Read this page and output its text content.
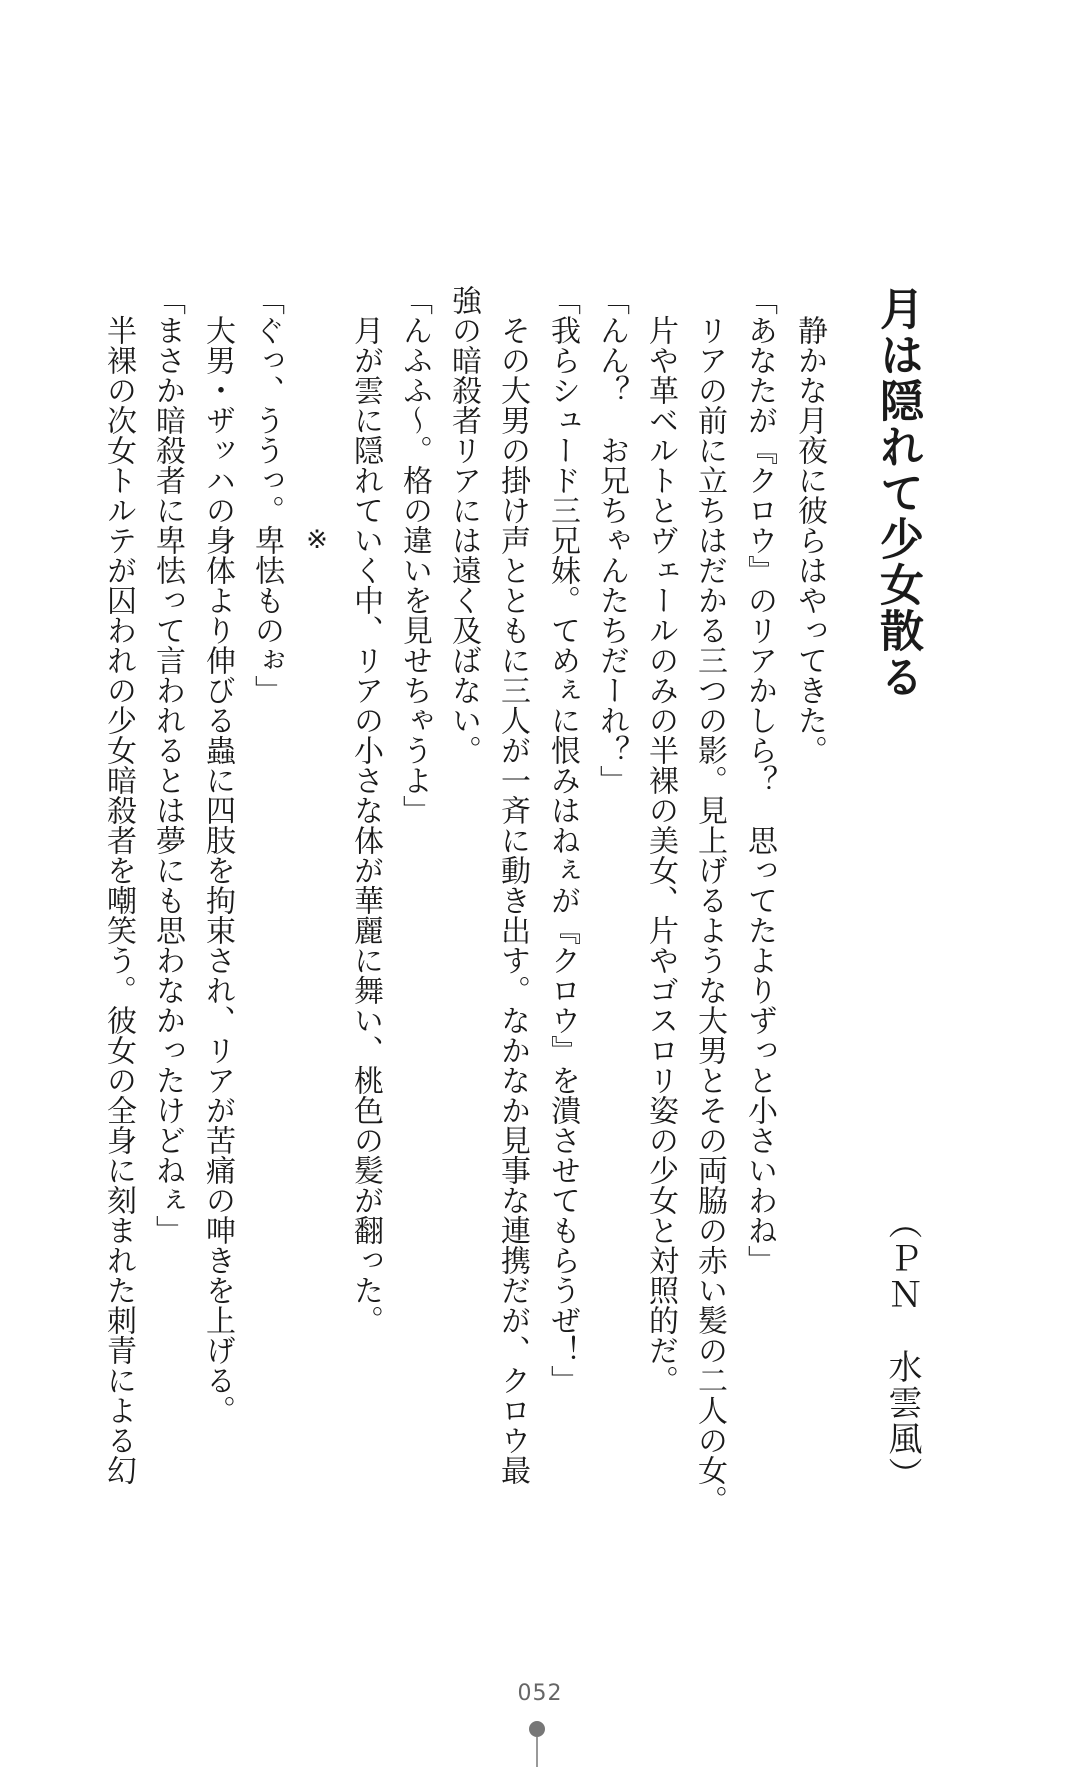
月は隠れて少女散る
（ＰＮ　水雲風）
　静かな月夜に彼らはやってきた。
「あなたが『クロウ』のリアかしら？　思ってたよりずっと小さいわね」
　リアの前に立ちはだかる三つの影。見上げるような大男とその両脇の赤い髪の二人の女。
　片や革ベルトとヴェールのみの半裸の美女、片やゴスロリ姿の少女と対照的だ。
「んん？　お兄ちゃんたちだーれ？」
「我らシュード三兄妹。てめぇに恨みはねぇが『クロウ』を潰させてもらうぜ！」
　その大男の掛け声とともに三人が一斉に動き出す。なかなか見事な連携だが、クロウ最
強の暗殺者リアには遠く及ばない。
「んふふ～。格の違いを見せちゃうよ」
　月が雲に隠れていく中、リアの小さな体が華麗に舞い、桃色の髪が翻った。
※
「ぐっ、ううっ。卑怯ものぉ」
　大男・ザッハの身体より伸びる蟲に四肢を拘束され、リアが苦痛の呻きを上げる。
「まさか暗殺者に卑怯って言われるとは夢にも思わなかったけどねぇ」
　半裸の次女トルテが囚われの少女暗殺者を嘲笑う。彼女の全身に刻まれた刺青による幻
052
